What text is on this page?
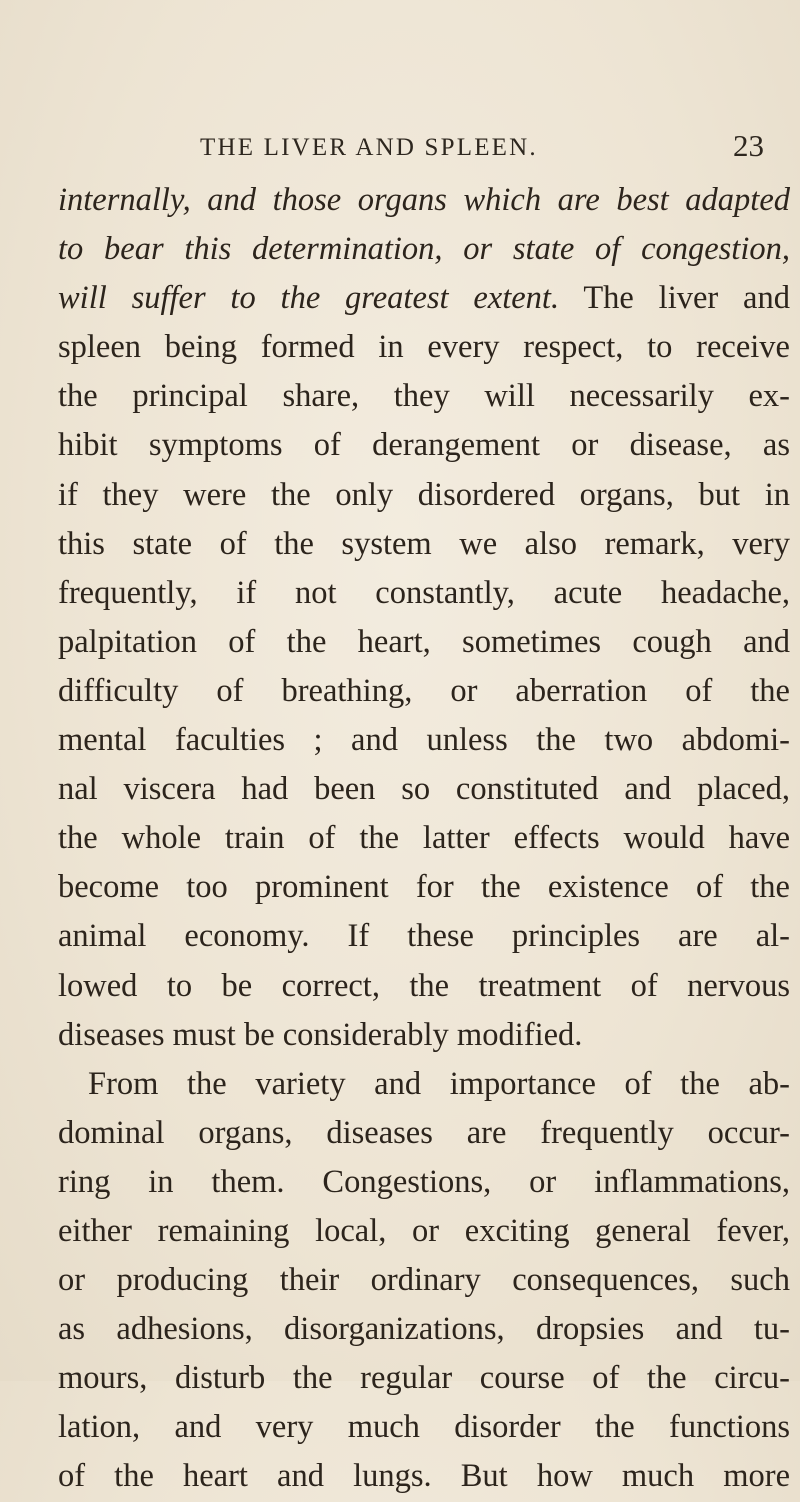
THE LIVER AND SPLEEN.	23
internally, and those organs which are best adapted
to bear this determination, or state of congestion,
will suffer to the greatest extent. The liver and
spleen being formed in every respect, to receive
the principal share, they will necessarily ex-
hibit symptoms of derangement or disease, as
if they were the only disordered organs, but in
this state of the system we also remark, very
frequently, if not constantly, acute headache,
palpitation of the heart, sometimes cough and
difficulty of breathing, or aberration of the
mental faculties ; and unless the two abdomi-
nal viscera had been so constituted and placed,
the whole train of the latter effects would have
become too prominent for the existence of the
animal economy. If these principles are al-
lowed to be correct, the treatment of nervous
diseases must be considerably modified.
From the variety and importance of the ab-
dominal organs, diseases are frequently occur-
ring in them. Congestions, or inflammations,
either remaining local, or exciting general fever,
or producing their ordinary consequences, such
as adhesions, disorganizations, dropsies and tu-
mours, disturb the regular course of the circu-
lation, and very much disorder the functions
of the heart and lungs. But how much more
